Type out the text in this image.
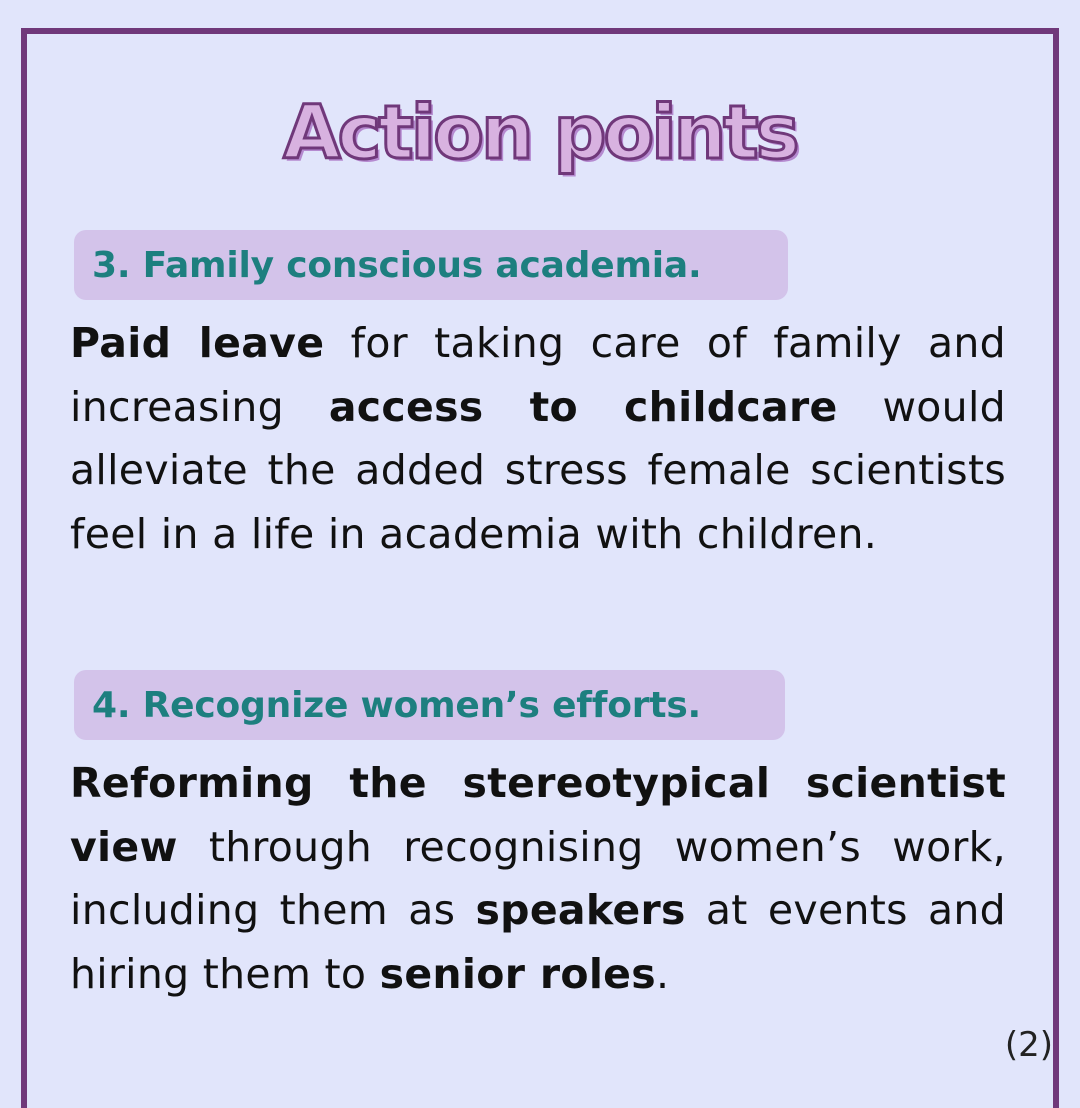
Action points
3. Family conscious academia.
Paid leave for taking care of family and increasing access to childcare would alleviate the added stress female scientists feel in a life in academia with children.
4. Recognize women’s efforts.
Reforming the stereotypical scientist view through recognising women’s work, including them as speakers at events and hiring them to senior roles.
(2)
